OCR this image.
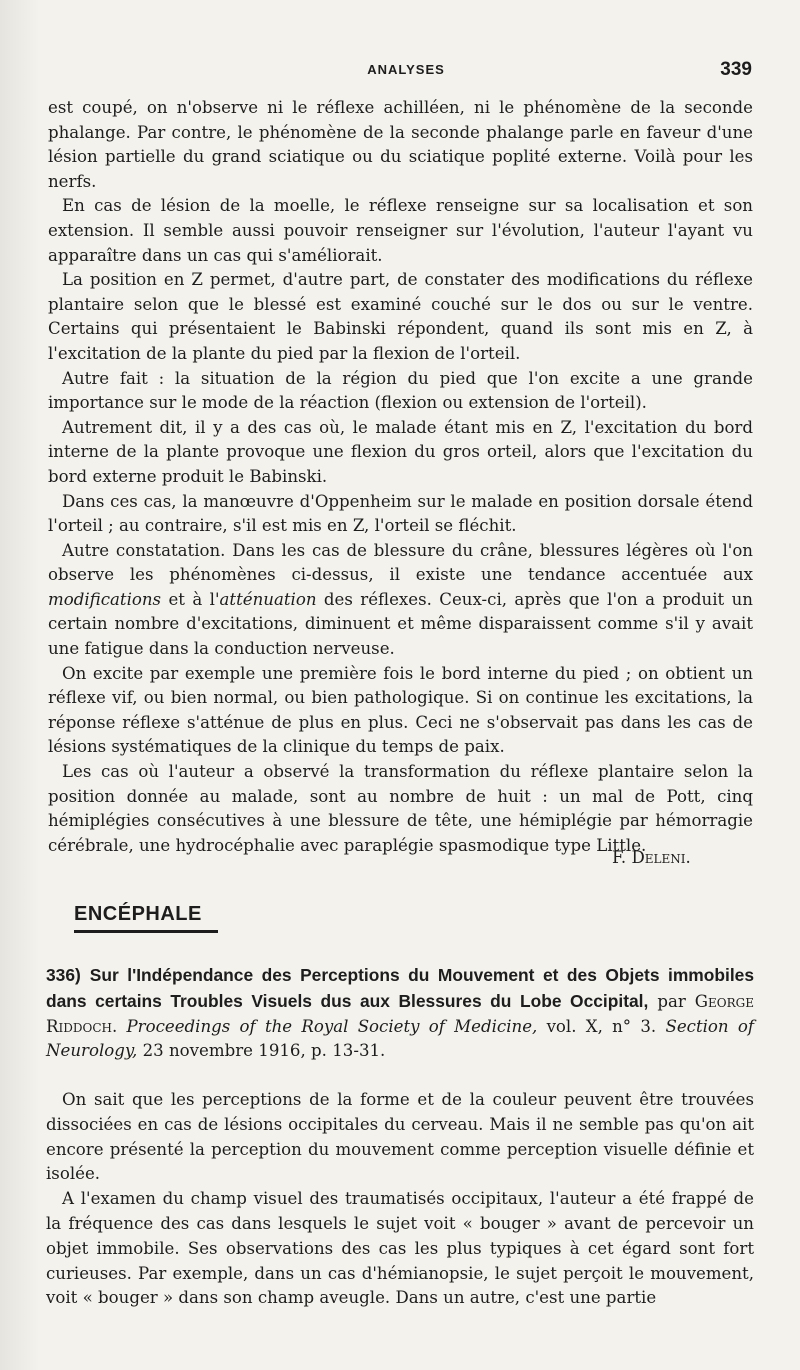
ANALYSES	339

est coupé, on n'observe ni le réflexe achilléen, ni le phénomène de la seconde phalange. Par contre, le phénomène de la seconde phalange parle en faveur d'une lésion partielle du grand sciatique ou du sciatique poplité externe. Voilà pour les nerfs.

En cas de lésion de la moelle, le réflexe renseigne sur sa localisation et son extension. Il semble aussi pouvoir renseigner sur l'évolution, l'auteur l'ayant vu apparaître dans un cas qui s'améliorait.

La position en Z permet, d'autre part, de constater des modifications du réflexe plantaire selon que le blessé est examiné couché sur le dos ou sur le ventre. Certains qui présentaient le Babinski répondent, quand ils sont mis en Z, à l'excitation de la plante du pied par la flexion de l'orteil.

Autre fait : la situation de la région du pied que l'on excite a une grande importance sur le mode de la réaction (flexion ou extension de l'orteil).

Autrement dit, il y a des cas où, le malade étant mis en Z, l'excitation du bord interne de la plante provoque une flexion du gros orteil, alors que l'excitation du bord externe produit le Babinski.

Dans ces cas, la manœuvre d'Oppenheim sur le malade en position dorsale étend l'orteil ; au contraire, s'il est mis en Z, l'orteil se fléchit.

Autre constatation. Dans les cas de blessure du crâne, blessures légères où l'on observe les phénomènes ci-dessus, il existe une tendance accentuée aux modifications et à l'atténuation des réflexes. Ceux-ci, après que l'on a produit un certain nombre d'excitations, diminuent et même disparaissent comme s'il y avait une fatigue dans la conduction nerveuse.

On excite par exemple une première fois le bord interne du pied ; on obtient un réflexe vif, ou bien normal, ou bien pathologique. Si on continue les excitations, la réponse réflexe s'atténue de plus en plus. Ceci ne s'observait pas dans les cas de lésions systématiques de la clinique du temps de paix.

Les cas où l'auteur a observé la transformation du réflexe plantaire selon la position donnée au malade, sont au nombre de huit : un mal de Pott, cinq hémiplégies consécutives à une blessure de tête, une hémiplégie par hémorragie cérébrale, une hydrocéphalie avec paraplégie spasmodique type Little.

F. Deleni.
ENCÉPHALE
336) Sur l'Indépendance des Perceptions du Mouvement et des Objets immobiles dans certains Troubles Visuels dus aux Blessures du Lobe Occipital, par George Riddoch. Proceedings of the Royal Society of Medicine, vol. X, n° 3. Section of Neurology, 23 novembre 1916, p. 13-31.

On sait que les perceptions de la forme et de la couleur peuvent être trouvées dissociées en cas de lésions occipitales du cerveau. Mais il ne semble pas qu'on ait encore présenté la perception du mouvement comme perception visuelle définie et isolée.

A l'examen du champ visuel des traumatisés occipitaux, l'auteur a été frappé de la fréquence des cas dans lesquels le sujet voit « bouger » avant de percevoir un objet immobile. Ses observations des cas les plus typiques à cet égard sont fort curieuses. Par exemple, dans un cas d'hémianopsie, le sujet perçoit le mouvement, voit « bouger » dans son champ aveugle. Dans un autre, c'est une partie
